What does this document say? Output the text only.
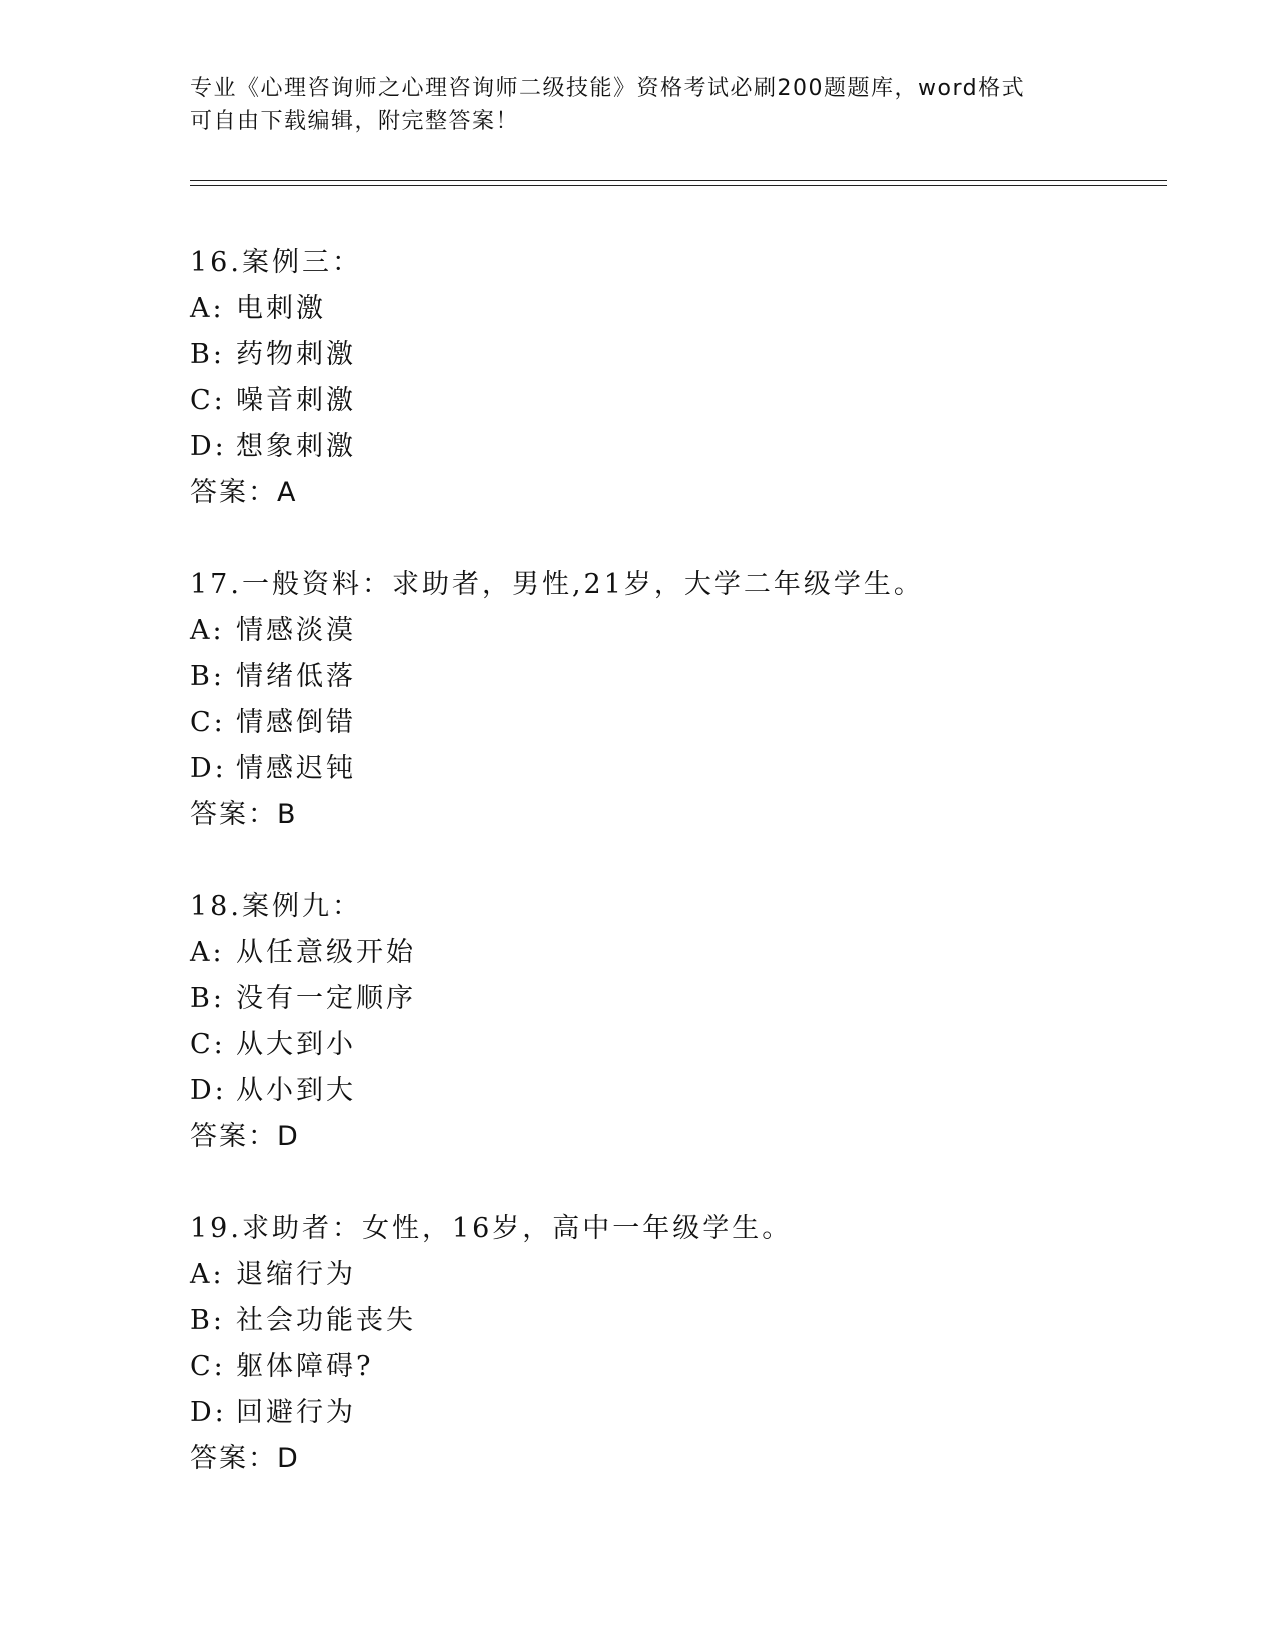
专业《心理咨询师之心理咨询师二级技能》资格考试必刷200题题库，word格式
可自由下载编辑，附完整答案！
16.案例三：
A: 电刺激
B: 药物刺激
C: 噪音刺激
D: 想象刺激
答案：A
17.一般资料：求助者，男性,21岁，大学二年级学生。
A: 情感淡漠
B: 情绪低落
C: 情感倒错
D: 情感迟钝
答案：B
18.案例九：
A: 从任意级开始
B: 没有一定顺序
C: 从大到小
D: 从小到大
答案：D
19.求助者：女性，16岁，高中一年级学生。
A: 退缩行为
B: 社会功能丧失
C: 躯体障碍?
D: 回避行为
答案：D
